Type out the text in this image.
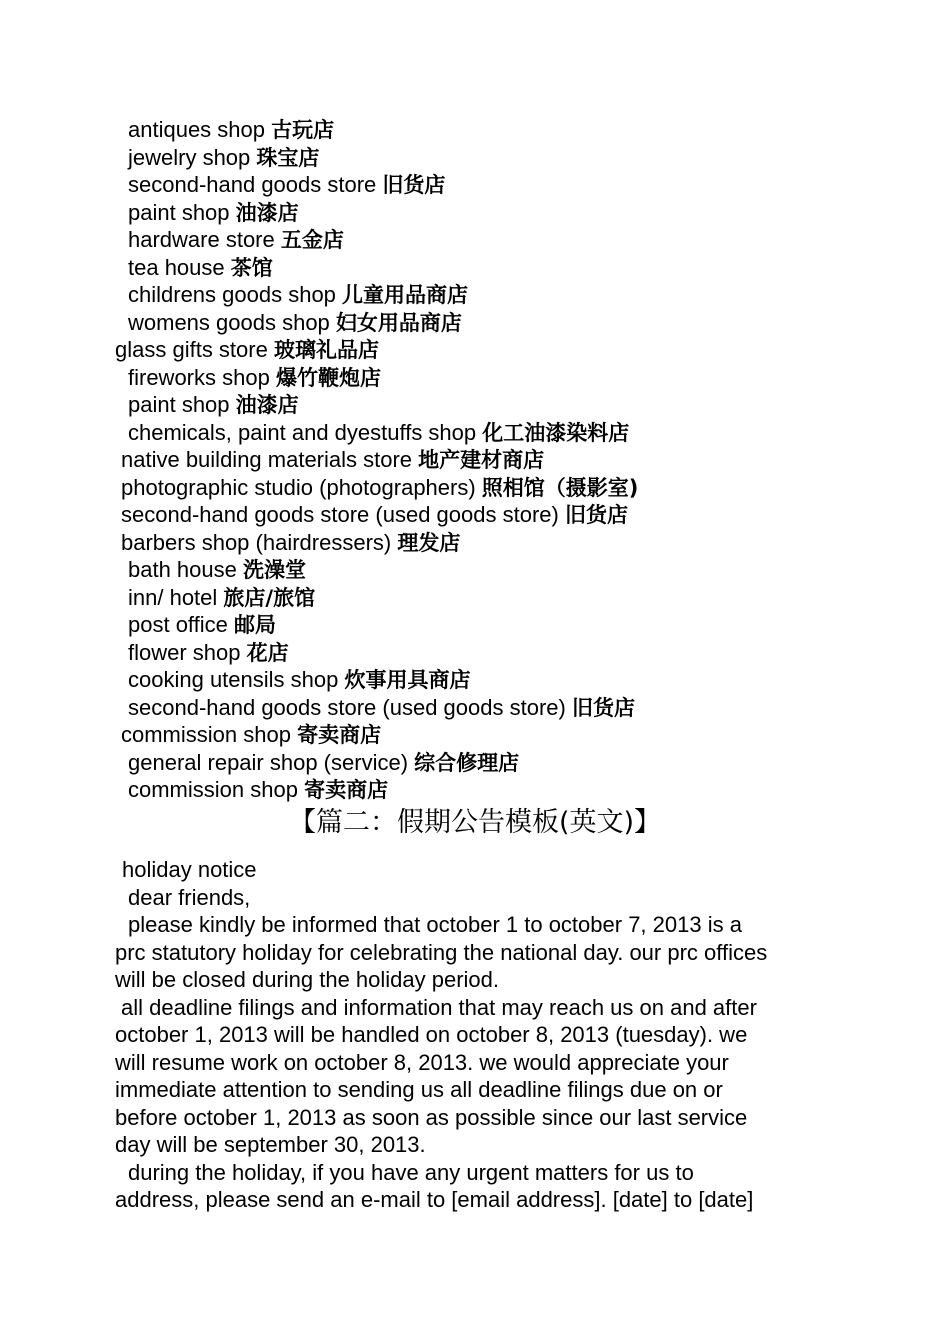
antiques shop 古玩店
jewelry shop 珠宝店
second-hand goods store 旧货店
paint shop 油漆店
hardware store 五金店
tea house 茶馆
childrens goods shop 儿童用品商店
womens goods shop 妇女用品商店
glass gifts store 玻璃礼品店
fireworks shop 爆竹鞭炮店
paint shop 油漆店
chemicals, paint and dyestuffs shop 化工油漆染料店
native building materials store 地产建材商店
photographic studio (photographers) 照相馆（摄影室)
second-hand goods store (used goods store) 旧货店
barbers shop (hairdressers) 理发店
bath house 洗澡堂
inn/ hotel 旅店/旅馆
post office 邮局
flower shop 花店
cooking utensils shop 炊事用具商店
second-hand goods store (used goods store) 旧货店
commission shop 寄卖商店
general repair shop (service) 综合修理店
commission shop 寄卖商店
【篇二：假期公告模板(英文)】
holiday notice
dear friends,
please kindly be informed that october 1 to october 7, 2013 is a
prc statutory holiday for celebrating the national day. our prc offices
will be closed during the holiday period.
all deadline filings and information that may reach us on and after
october 1, 2013 will be handled on october 8, 2013 (tuesday). we
will resume work on october 8, 2013. we would appreciate your
immediate attention to sending us all deadline filings due on or
before october 1, 2013 as soon as possible since our last service
day will be september 30, 2013.
during the holiday, if you have any urgent matters for us to
address, please send an e-mail to [email address]. [date] to [date]
